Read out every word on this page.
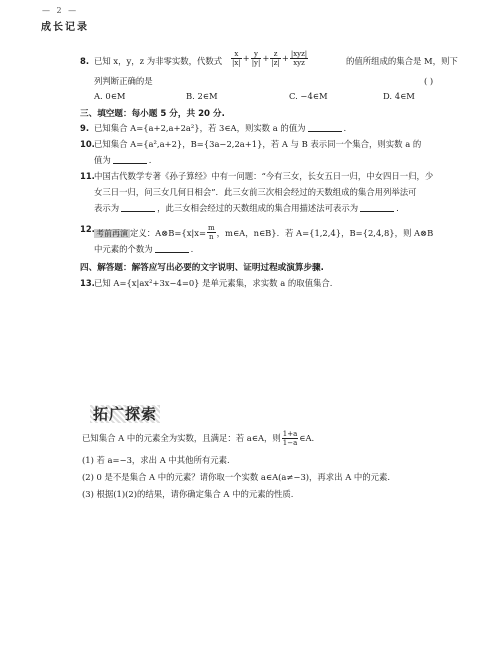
— 2 —
成长记录
8. 已知 x，y，z 为非零实数，代数式 $\frac{x}{|x|} + \frac{y}{|y|} + \frac{z}{|z|} + \frac{\text{|xyz|}}{\text{xyz}}$	的值所组成的集合是 M，则下
列判断正确的是	( )
A. 0∈M	B. 2∈M	C. −4∈M	D. 4∈M
三、填空题：每小题 5 分，共 20 分.
9. 已知集合 A={a+2,a+2a²}，若 3∈A，则实数 a 的值为	.
10. 已知集合 A={a²,a+2}，B={3a−2,2a+1}，若 A 与 B 表示同一个集合，则实数 a 的
值为	.
11. 中国古代数学专著《孙子算经》中有一问题：“今有三女，长女五日一归，中女四日一归，少
女三日一归，问三女几何日相会”．此三女前三次相会经过的天数组成的集合用列举法可
表示为	，此三女相会经过的天数组成的集合用描述法可表示为	.
12. 考前再演 定义：A⊗B={x|x= $\frac{m}{n}$ ，m∈A，n∈B}．若 A={1,2,4}，B={2,4,8}，则 A⊗B
中元素的个数为	.
四、解答题：解答应写出必要的文字说明、证明过程或演算步骤.
13. 已知 A={x|ax²+3x−4=0} 是单元素集，求实数 a 的取值集合.
拓广探索
已知集合 A 中的元素全为实数，且满足：若 a∈A，则 $\frac{1+a}{1-a}$ ∈A.
(1) 若 a=−3，求出 A 中其他所有元素.
(2) 0 是不是集合 A 中的元素？请你取一个实数 a∈A(a≠−3)，再求出 A 中的元素.
(3) 根据(1)(2)的结果，请你确定集合 A 中的元素的性质.
